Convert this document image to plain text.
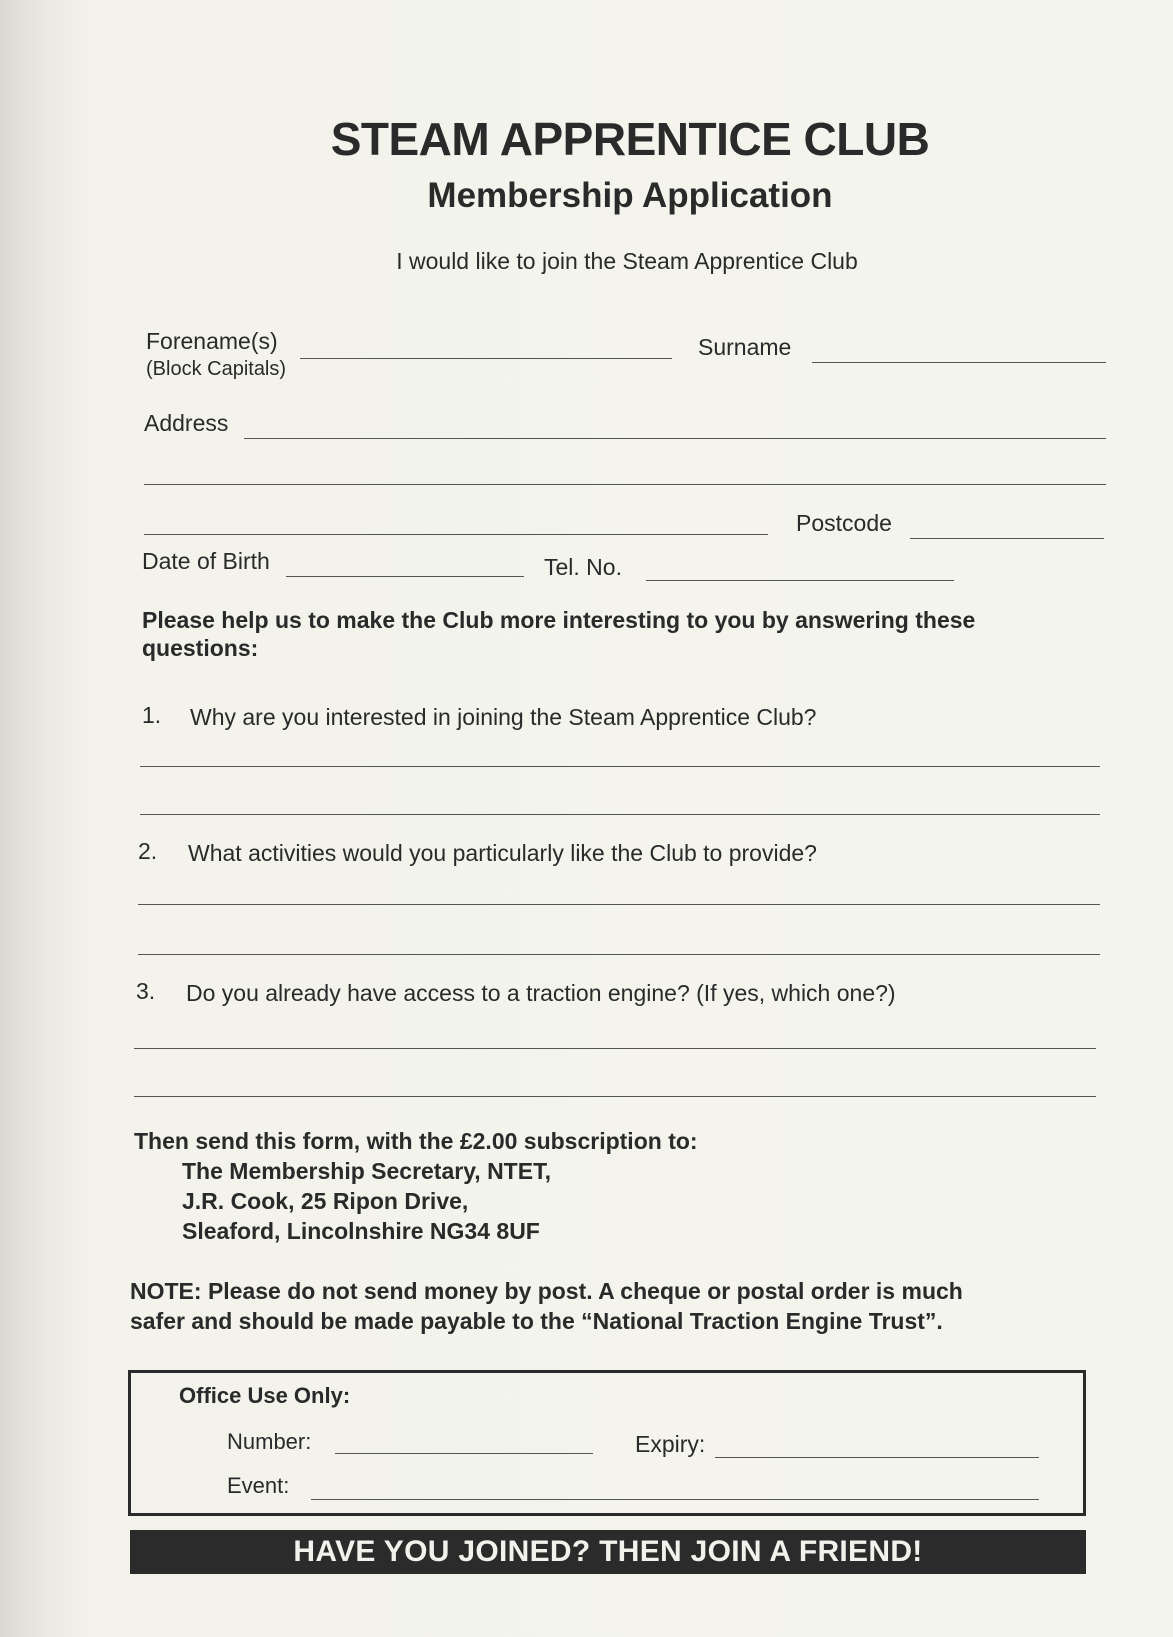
STEAM APPRENTICE CLUB
Membership Application
I would like to join the Steam Apprentice Club
Forename(s)
(Block Capitals)
Surname
Address
Postcode
Date of Birth	Tel. No.
Please help us to make the Club more interesting to you by answering these questions:
1. Why are you interested in joining the Steam Apprentice Club?
2. What activities would you particularly like the Club to provide?
3. Do you already have access to a traction engine? (If yes, which one?)
Then send this form, with the £2.00 subscription to:
The Membership Secretary, NTET,
J.R. Cook, 25 Ripon Drive,
Sleaford, Lincolnshire NG34 8UF
NOTE: Please do not send money by post. A cheque or postal order is much
safer and should be made payable to the “National Traction Engine Trust”.
Office Use Only:
Number:	Expiry:
Event:
HAVE YOU JOINED? THEN JOIN A FRIEND!
